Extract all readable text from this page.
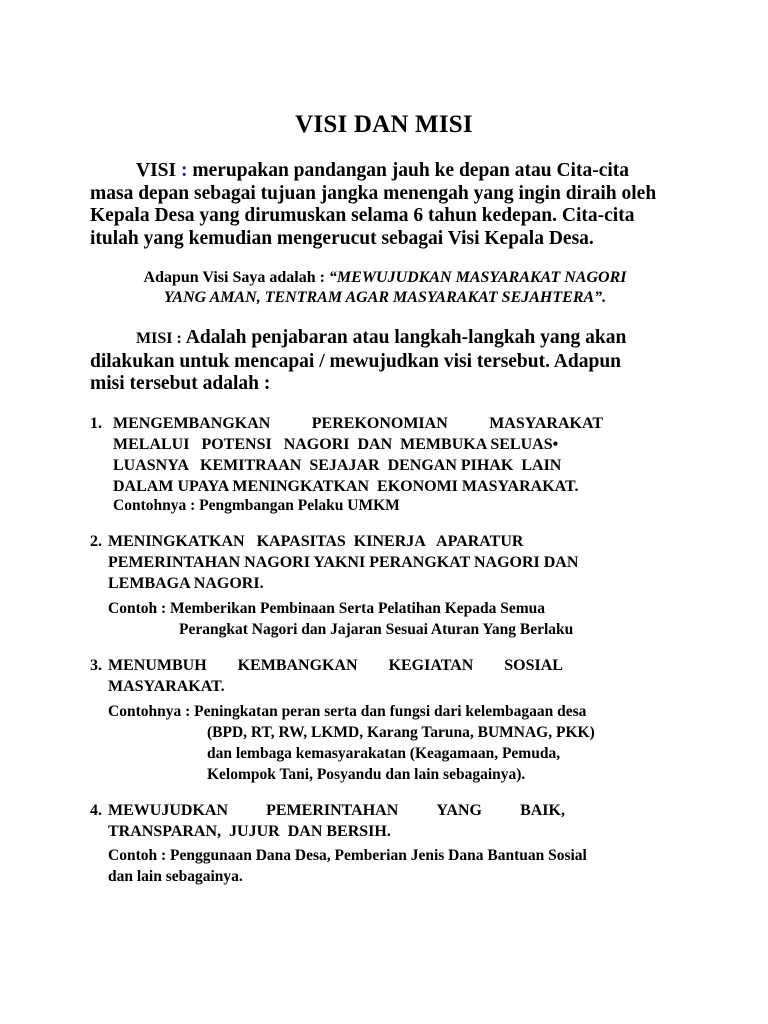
VISI DAN MISI
VISI : merupakan pandangan jauh ke depan atau Cita-cita
masa depan sebagai tujuan jangka menengah yang ingin diraih oleh
Kepala Desa yang dirumuskan selama 6 tahun kedepan. Cita-cita
itulah yang kemudian mengerucut sebagai Visi Kepala Desa.
Adapun Visi Saya adalah : “MEWUJUDKAN MASYARAKAT NAGORI
YANG AMAN, TENTRAM AGAR MASYARAKAT SEJAHTERA”.
MISI : Adalah penjabaran atau langkah-langkah yang akan
dilakukan untuk mencapai / mewujudkan visi tersebut. Adapun
misi tersebut adalah :
1. MENGEMBANGKAN	PEREKONOMIAN	MASYARAKAT
MELALUI   POTENSI   NAGORI  DAN  MEMBUKA SELUAS•
LUASNYA   KEMITRAAN  SEJAJAR  DENGAN PIHAK  LAIN
DALAM UPAYA MENINGKATKAN  EKONOMI MASYARAKAT.
Contohnya : Pengmbangan Pelaku UMKM
2. MENINGKATKAN   KAPASITAS  KINERJA   APARATUR
PEMERINTAHAN NAGORI YAKNI PERANGKAT NAGORI DAN
LEMBAGA NAGORI.
Contoh : Memberikan Pembinaan Serta Pelatihan Kepada Semua
Perangkat Nagori dan Jajaran Sesuai Aturan Yang Berlaku
3. MENUMBUH KEMBANGKAN KEGIATAN SOSIAL
MASYARAKAT.
Contohnya : Peningkatan peran serta dan fungsi dari kelembagaan desa
(BPD, RT, RW, LKMD, Karang Taruna, BUMNAG, PKK)
dan lembaga kemasyarakatan (Keagamaan, Pemuda,
Kelompok Tani, Posyandu dan lain sebagainya).
4. MEWUJUDKAN PEMERINTAHAN YANG BAIK,
TRANSPARAN,  JUJUR  DAN BERSIH.
Contoh : Penggunaan Dana Desa, Pemberian Jenis Dana Bantuan Sosial
dan lain sebagainya.
